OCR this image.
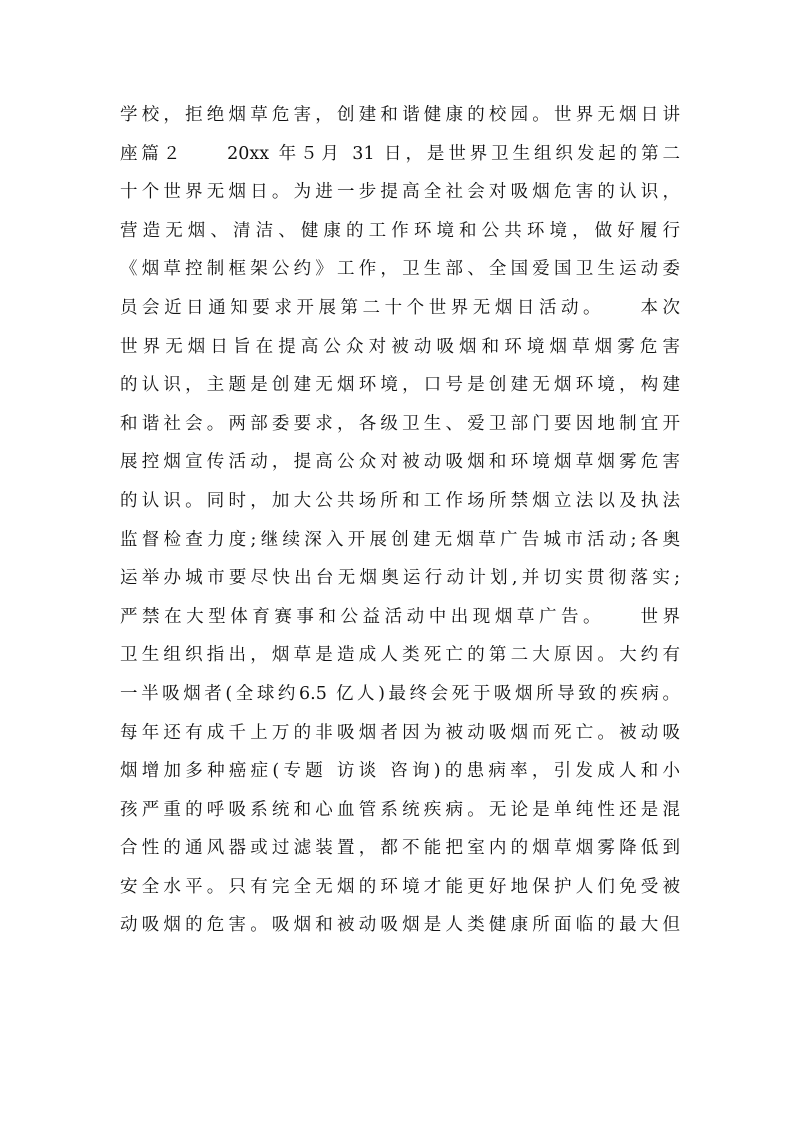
学校，拒绝烟草危害，创建和谐健康的校园。世界无烟日讲
座篇２　　20xx 年５月 31 日，是世界卫生组织发起的第二
十个世界无烟日。为进一步提高全社会对吸烟危害的认识，
营造无烟、清洁、健康的工作环境和公共环境，做好履行
《烟草控制框架公约》工作，卫生部、全国爱国卫生运动委
员会近日通知要求开展第二十个世界无烟日活动。　　本次
世界无烟日旨在提高公众对被动吸烟和环境烟草烟雾危害
的认识，主题是创建无烟环境，口号是创建无烟环境，构建
和谐社会。两部委要求，各级卫生、爱卫部门要因地制宜开
展控烟宣传活动，提高公众对被动吸烟和环境烟草烟雾危害
的认识。同时，加大公共场所和工作场所禁烟立法以及执法
监督检查力度;继续深入开展创建无烟草广告城市活动;各奥
运举办城市要尽快出台无烟奥运行动计划,并切实贯彻落实;
严禁在大型体育赛事和公益活动中出现烟草广告。　　世界
卫生组织指出，烟草是造成人类死亡的第二大原因。大约有
一半吸烟者(全球约6.5 亿人)最终会死于吸烟所导致的疾病。
每年还有成千上万的非吸烟者因为被动吸烟而死亡。被动吸
烟增加多种癌症(专题 访谈 咨询)的患病率，引发成人和小
孩严重的呼吸系统和心血管系统疾病。无论是单纯性还是混
合性的通风器或过滤装置，都不能把室内的烟草烟雾降低到
安全水平。只有完全无烟的环境才能更好地保护人们免受被
动吸烟的危害。吸烟和被动吸烟是人类健康所面临的最大但
